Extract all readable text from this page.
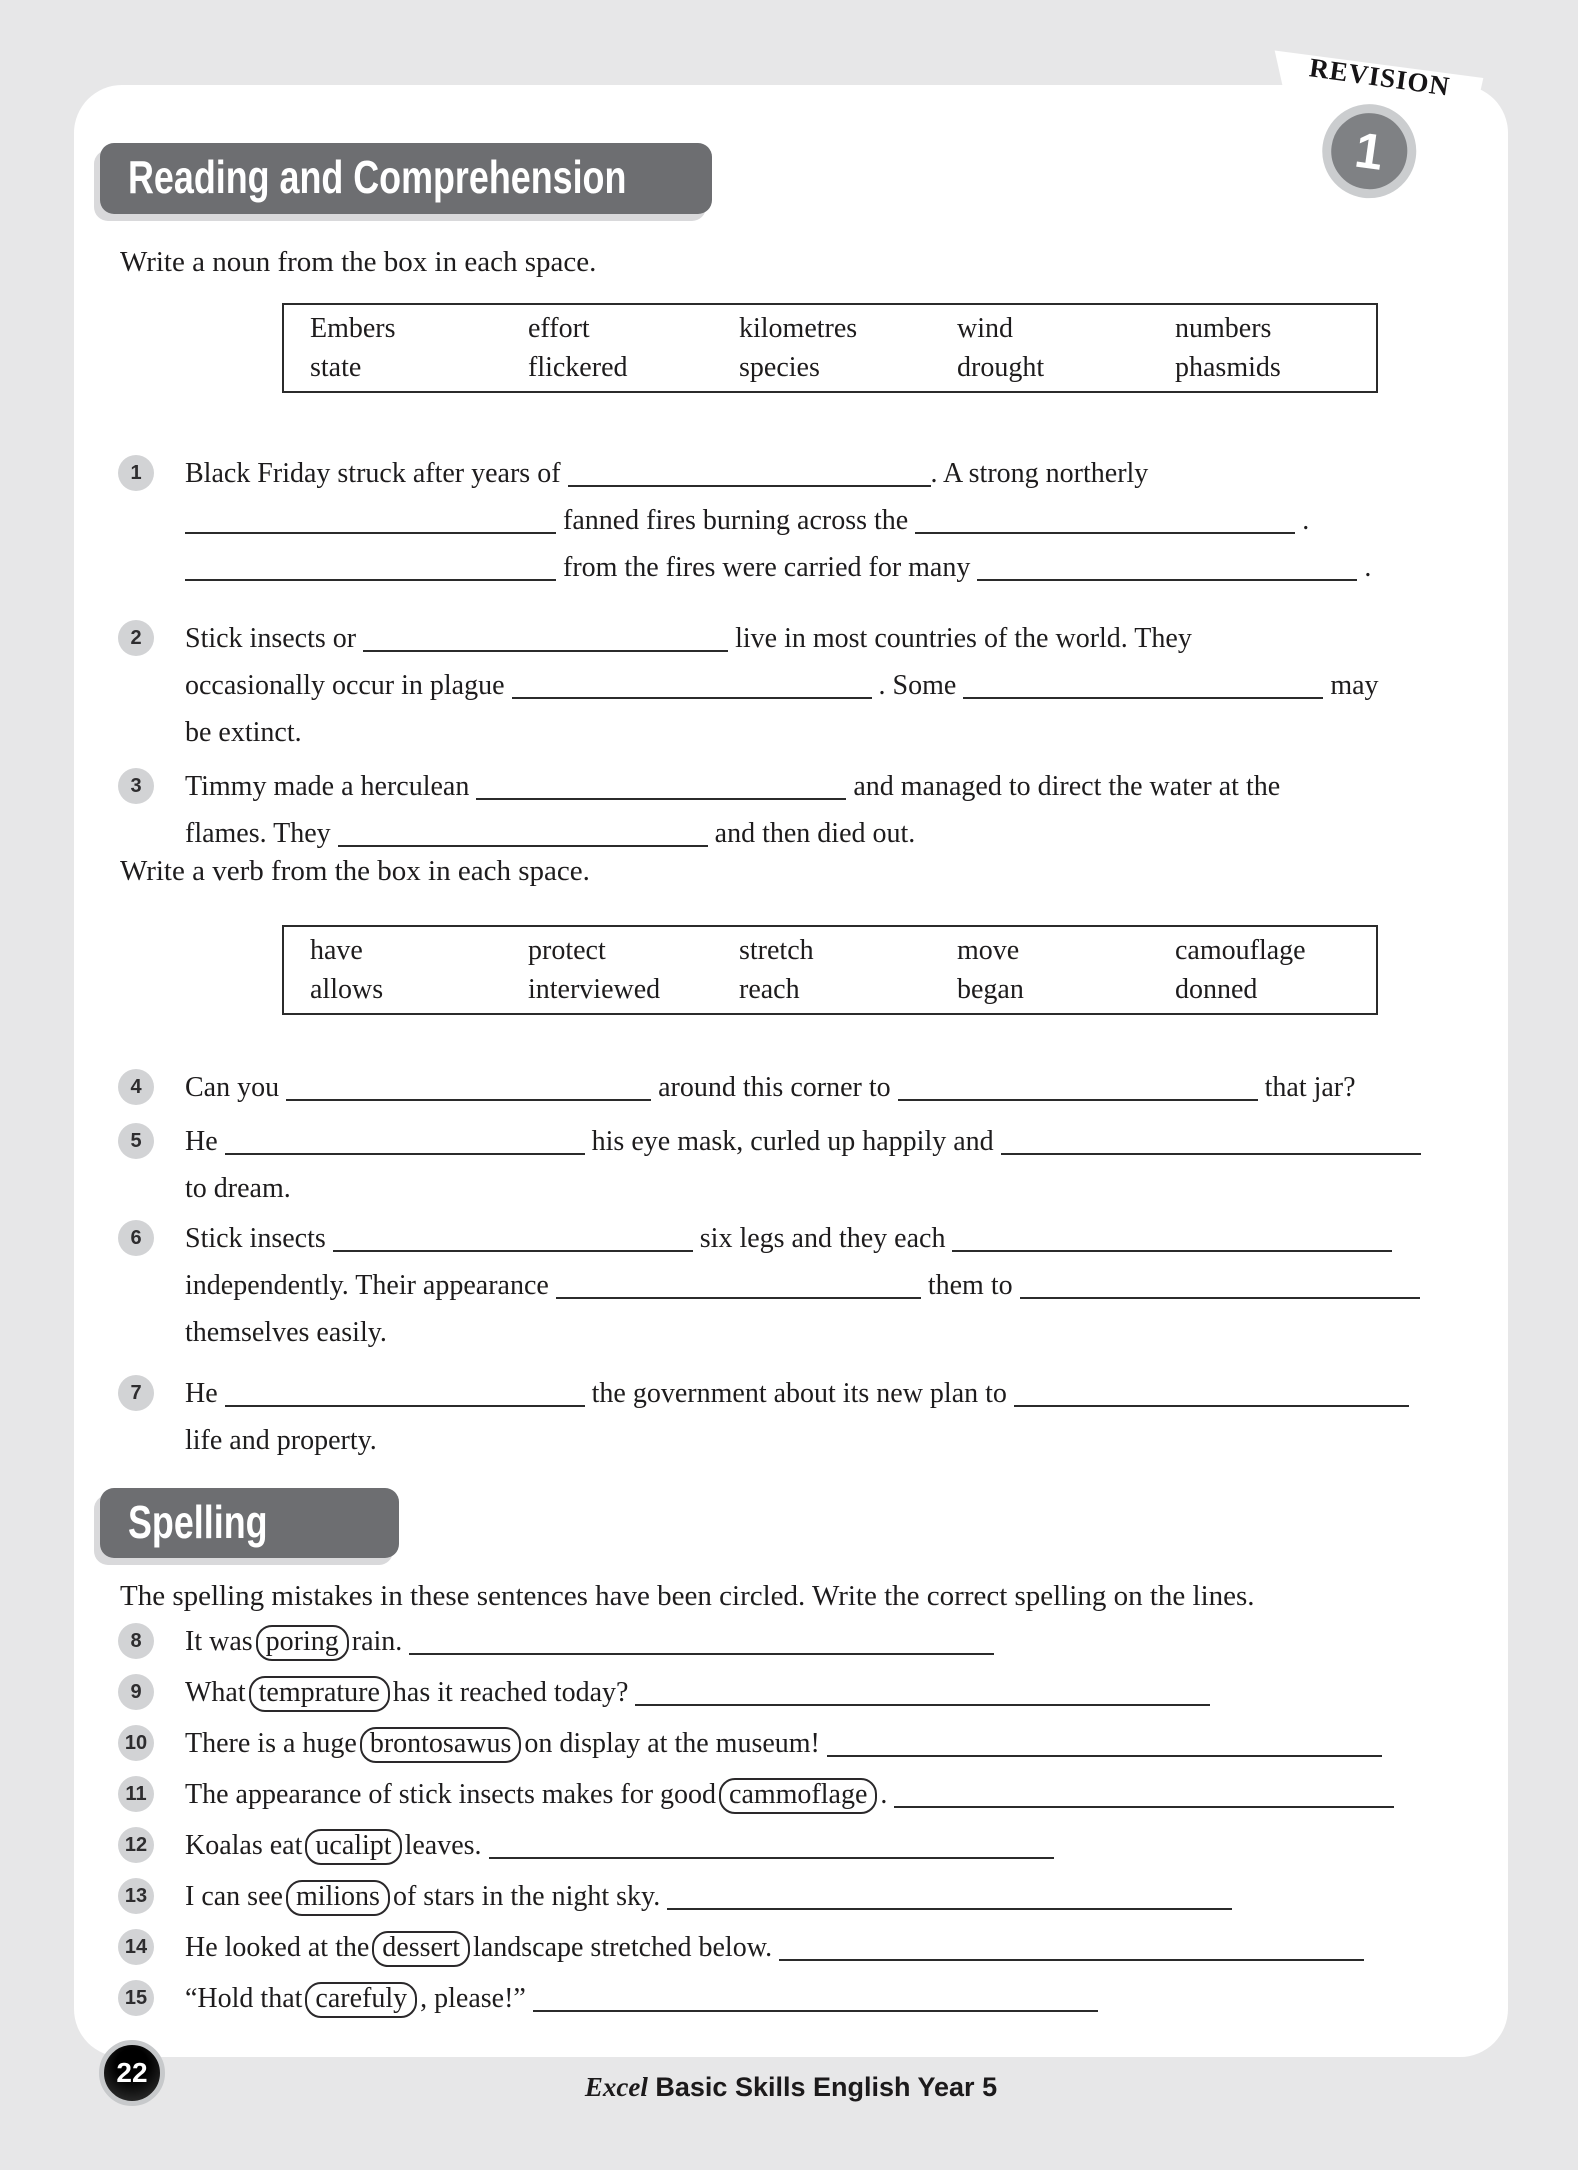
Reading and Comprehension
Write a noun from the box in each space.
Embers	effort	kilometres	wind	numbers
state	flickered	species	drought	phasmids
1	Black Friday struck after years of	. A strong northerly
fanned fires burning across the	.
from the fires were carried for many	.
2	Stick insects or	live in most countries of the world. They
occasionally occur in plague	. Some	may
be extinct.
3	Timmy made a herculean	and managed to direct the water at the
flames. They	and then died out.
4	Can you	around this corner to	that jar?
5	He	his eye mask, curled up happily and
to dream.
6	Stick insects	six legs and they each
independently. Their appearance	them to
themselves easily.
7	He	the government about its new plan to
life and property.
Write a verb from the box in each space.
have	protect	stretch	move	camouflage
allows	interviewed	reach	began	donned
Spelling
The spelling mistakes in these sentences have been circled. Write the correct spelling on the lines.
8	It was poring rain.
9	What temprature has it reached today?
10 There is a huge brontosawus on display at the museum!
11 The appearance of stick insects makes for good cammoflage .
12 Koalas eat ucalipt leaves.
13 I can see milions of stars in the night sky.
14 He looked at the dessert landscape stretched below.
15 “Hold that carefuly , please!”
REVISION
1
22	Excel Basic Skills English Year 5
